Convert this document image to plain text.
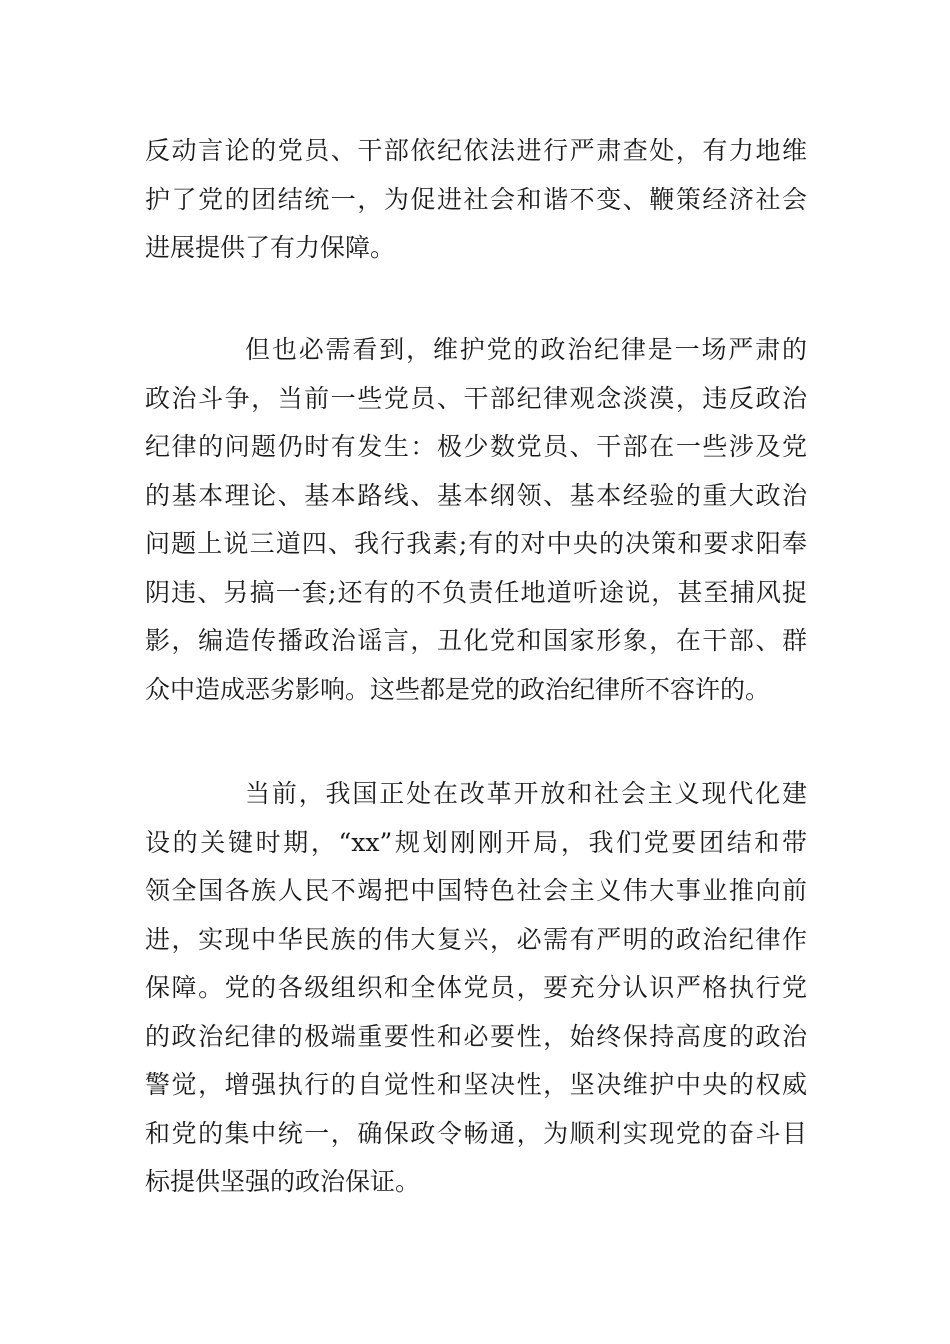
反动言论的党员、干部依纪依法进行严肃查处，有力地维
护了党的团结统一，为促进社会和谐不变、鞭策经济社会
进展提供了有力保障。
但也必需看到，维护党的政治纪律是一场严肃的
政治斗争，当前一些党员、干部纪律观念淡漠，违反政治
纪律的问题仍时有发生：极少数党员、干部在一些涉及党
的基本理论、基本路线、基本纲领、基本经验的重大政治
问题上说三道四、我行我素;有的对中央的决策和要求阳奉
阴违、另搞一套;还有的不负责任地道听途说，甚至捕风捉
影，编造传播政治谣言，丑化党和国家形象，在干部、群
众中造成恶劣影响。这些都是党的政治纪律所不容许的。
当前，我国正处在改革开放和社会主义现代化建
设的关键时期，“xx”规划刚刚开局，我们党要团结和带
领全国各族人民不竭把中国特色社会主义伟大事业推向前
进，实现中华民族的伟大复兴，必需有严明的政治纪律作
保障。党的各级组织和全体党员，要充分认识严格执行党
的政治纪律的极端重要性和必要性，始终保持高度的政治
警觉，增强执行的自觉性和坚决性，坚决维护中央的权威
和党的集中统一，确保政令畅通，为顺利实现党的奋斗目
标提供坚强的政治保证。
